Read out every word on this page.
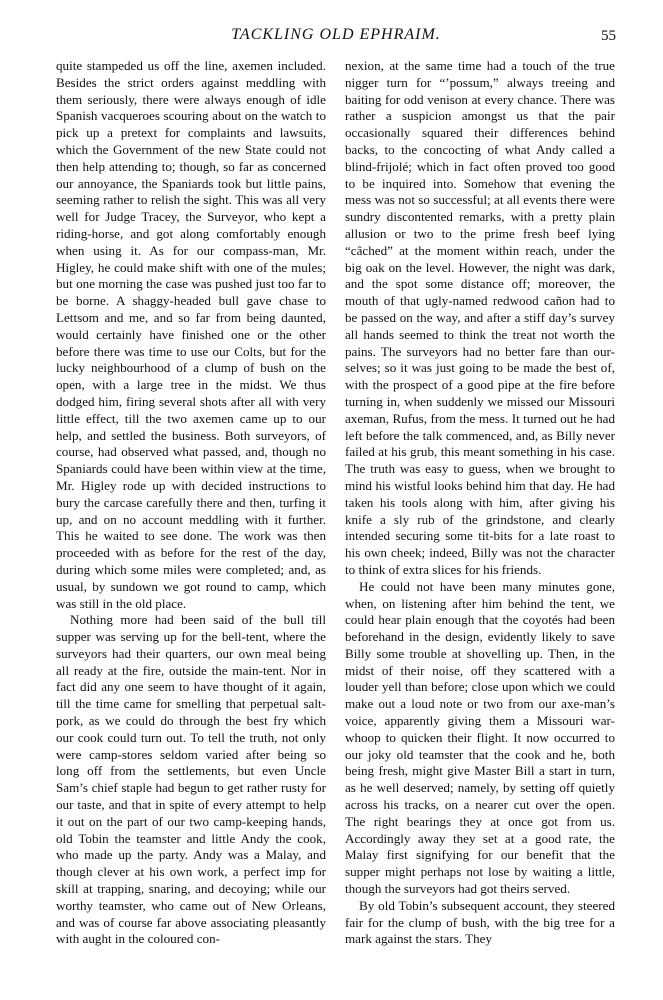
TACKLING OLD EPHRAIM.	55

quite stampeded us off the line, axemen included. Besides the strict orders against meddling with them seriously, there were always enough of idle Spanish vacqueroes scouring about on the watch to pick up a pretext for complaints and lawsuits, which the Government of the new State could not then help attending to; though, so far as concerned our annoyance, the Spaniards took but little pains, seeming rather to relish the sight. This was all very well for Judge Tracey, the Surveyor, who kept a riding-horse, and got along comfortably enough when using it. As for our compass-man, Mr. Higley, he could make shift with one of the mules; but one morning the case was pushed just too far to be borne. A shaggy-headed bull gave chase to Lettsom and me, and so far from being daunted, would certainly have finished one or the other before there was time to use our Colts, but for the lucky neighbourhood of a clump of bush on the open, with a large tree in the midst. We thus dodged him, firing several shots after all with very little effect, till the two axemen came up to our help, and settled the business. Both surveyors, of course, had observed what passed, and, though no Spaniards could have been within view at the time, Mr. Higley rode up with decided instructions to bury the carcase carefully there and then, turfing it up, and on no account meddling with it further. This he waited to see done. The work was then proceeded with as before for the rest of the day, during which some miles were completed; and, as usual, by sundown we got round to camp, which was still in the old place.

Nothing more had been said of the bull till supper was serving up for the bell-tent, where the surveyors had their quarters, our own meal being all ready at the fire, outside the main-tent. Nor in fact did any one seem to have thought of it again, till the time came for smelling that perpetual salt-pork, as we could do through the best fry which our cook could turn out. To tell the truth, not only were camp-stores seldom varied after being so long off from the settlements, but even Uncle Sam’s chief staple had begun to get rather rusty for our taste, and that in spite of every attempt to help it out on the part of our two camp-keeping hands, old Tobin the teamster and little Andy the cook, who made up the party. Andy was a Malay, and though clever at his own work, a perfect imp for skill at trapping, snaring, and decoying; while our worthy teamster, who came out of New Orleans, and was of course far above associating pleasantly with aught in the coloured con-

nexion, at the same time had a touch of the true nigger turn for “’possum,” always treeing and baiting for odd venison at every chance. There was rather a suspicion amongst us that the pair occasionally squared their differences behind backs, to the concocting of what Andy called a blind-frijolé; which in fact often proved too good to be inquired into. Somehow that evening the mess was not so successful; at all events there were sundry discontented remarks, with a pretty plain allusion or two to the prime fresh beef lying “câched” at the moment within reach, under the big oak on the level. However, the night was dark, and the spot some distance off; moreover, the mouth of that ugly-named redwood cañon had to be passed on the way, and after a stiff day’s survey all hands seemed to think the treat not worth the pains. The surveyors had no better fare than our-selves; so it was just going to be made the best of, with the prospect of a good pipe at the fire before turning in, when suddenly we missed our Missouri axeman, Rufus, from the mess. It turned out he had left before the talk commenced, and, as Billy never failed at his grub, this meant something in his case. The truth was easy to guess, when we brought to mind his wistful looks behind him that day. He had taken his tools along with him, after giving his knife a sly rub of the grindstone, and clearly intended securing some tit-bits for a late roast to his own cheek; indeed, Billy was not the character to think of extra slices for his friends.

He could not have been many minutes gone, when, on listening after him behind the tent, we could hear plain enough that the coyotés had been beforehand in the design, evidently likely to save Billy some trouble at shovelling up. Then, in the midst of their noise, off they scattered with a louder yell than before; close upon which we could make out a loud note or two from our axe-man’s voice, apparently giving them a Missouri war-whoop to quicken their flight. It now occurred to our joky old teamster that the cook and he, both being fresh, might give Master Bill a start in turn, as he well deserved; namely, by setting off quietly across his tracks, on a nearer cut over the open. The right bearings they at once got from us. Accordingly away they set at a good rate, the Malay first signifying for our benefit that the supper might perhaps not lose by waiting a little, though the surveyors had got theirs served.

By old Tobin’s subsequent account, they steered fair for the clump of bush, with the big tree for a mark against the stars. They
